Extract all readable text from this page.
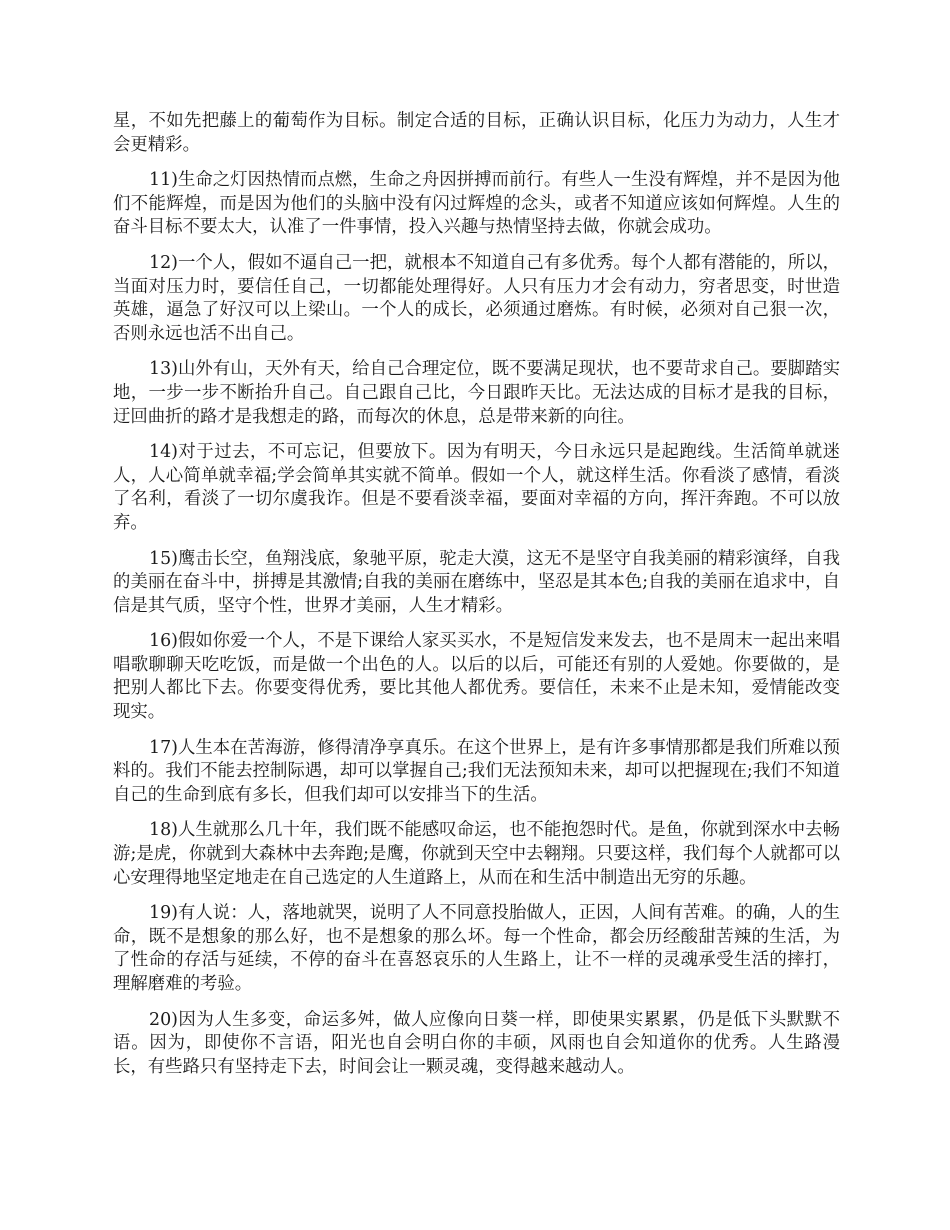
星，不如先把藤上的葡萄作为目标。制定合适的目标，正确认识目标，化压力为动力，人生才会更精彩。

11)生命之灯因热情而点燃，生命之舟因拼搏而前行。有些人一生没有辉煌，并不是因为他们不能辉煌，而是因为他们的头脑中没有闪过辉煌的念头，或者不知道应该如何辉煌。人生的奋斗目标不要太大，认准了一件事情，投入兴趣与热情坚持去做，你就会成功。

12)一个人，假如不逼自己一把，就根本不知道自己有多优秀。每个人都有潜能的，所以，当面对压力时，要信任自己，一切都能处理得好。人只有压力才会有动力，穷者思变，时世造英雄，逼急了好汉可以上梁山。一个人的成长，必须通过磨炼。有时候，必须对自己狠一次，否则永远也活不出自己。

13)山外有山，天外有天，给自己合理定位，既不要满足现状，也不要苛求自己。要脚踏实地，一步一步不断抬升自己。自己跟自己比，今日跟昨天比。无法达成的目标才是我的目标，迂回曲折的路才是我想走的路，而每次的休息，总是带来新的向往。

14)对于过去，不可忘记，但要放下。因为有明天，今日永远只是起跑线。生活简单就迷人，人心简单就幸福;学会简单其实就不简单。假如一个人，就这样生活。你看淡了感情，看淡了名利，看淡了一切尔虞我诈。但是不要看淡幸福，要面对幸福的方向，挥汗奔跑。不可以放弃。

15)鹰击长空，鱼翔浅底，象驰平原，驼走大漠，这无不是坚守自我美丽的精彩演绎，自我的美丽在奋斗中，拼搏是其激情;自我的美丽在磨练中，坚忍是其本色;自我的美丽在追求中，自信是其气质，坚守个性，世界才美丽，人生才精彩。

16)假如你爱一个人，不是下课给人家买买水，不是短信发来发去，也不是周末一起出来唱唱歌聊聊天吃吃饭，而是做一个出色的人。以后的以后，可能还有别的人爱她。你要做的，是把别人都比下去。你要变得优秀，要比其他人都优秀。要信任，未来不止是未知，爱情能改变现实。

17)人生本在苦海游，修得清净享真乐。在这个世界上，是有许多事情那都是我们所难以预料的。我们不能去控制际遇，却可以掌握自己;我们无法预知未来，却可以把握现在;我们不知道自己的生命到底有多长，但我们却可以安排当下的生活。

18)人生就那么几十年，我们既不能感叹命运，也不能抱怨时代。是鱼，你就到深水中去畅游;是虎，你就到大森林中去奔跑;是鹰，你就到天空中去翱翔。只要这样，我们每个人就都可以心安理得地坚定地走在自己选定的人生道路上，从而在和生活中制造出无穷的乐趣。

19)有人说：人，落地就哭，说明了人不同意投胎做人，正因，人间有苦难。的确，人的生命，既不是想象的那么好，也不是想象的那么坏。每一个性命，都会历经酸甜苦辣的生活，为了性命的存活与延续，不停的奋斗在喜怒哀乐的人生路上，让不一样的灵魂承受生活的摔打，理解磨难的考验。

20)因为人生多变，命运多舛，做人应像向日葵一样，即使果实累累，仍是低下头默默不语。因为，即使你不言语，阳光也自会明白你的丰硕，风雨也自会知道你的优秀。人生路漫长，有些路只有坚持走下去，时间会让一颗灵魂，变得越来越动人。
